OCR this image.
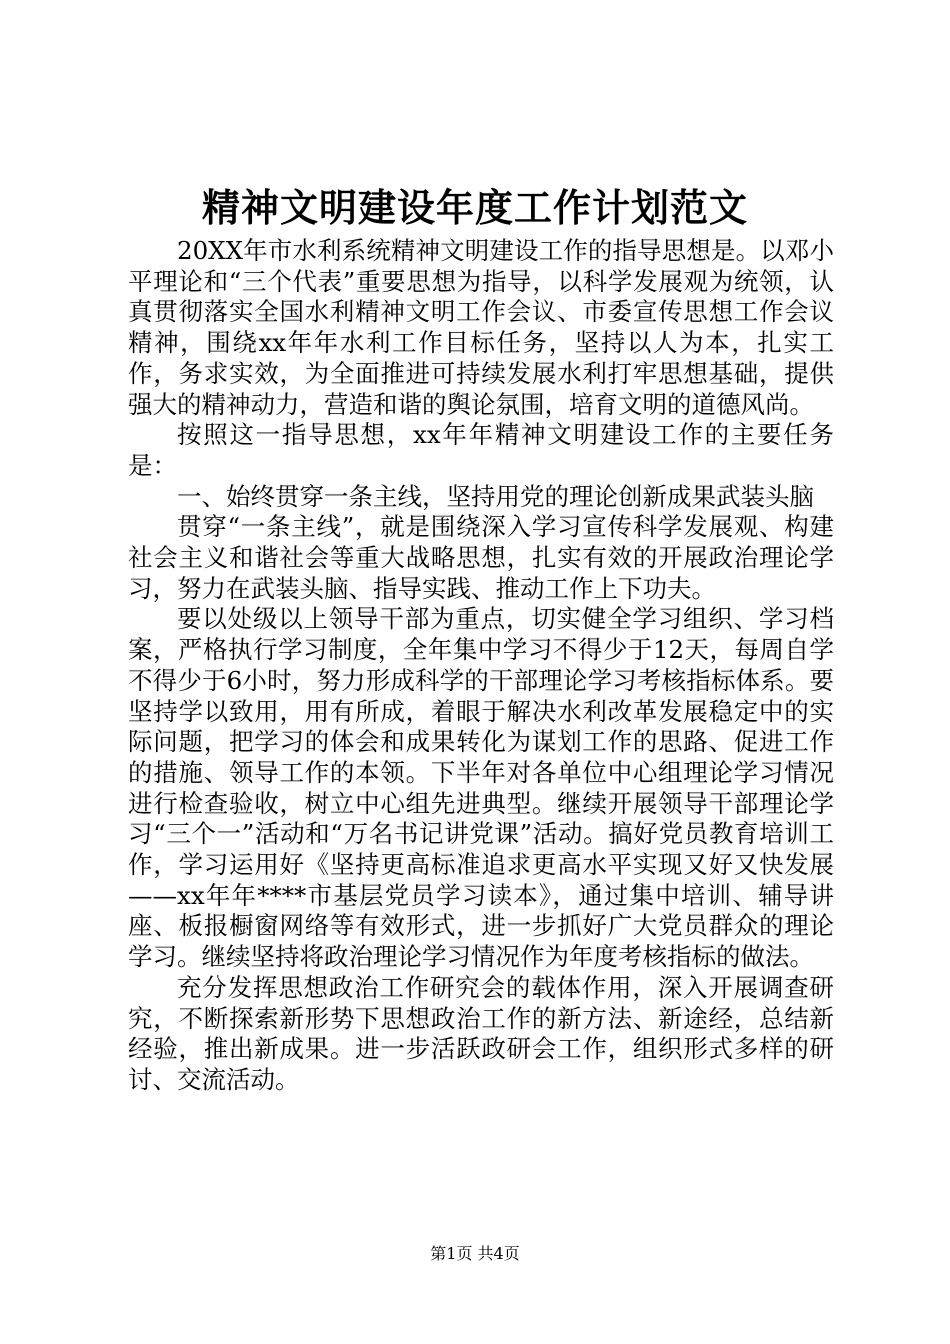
精神文明建设年度工作计划范文

20XX年市水利系统精神文明建设工作的指导思想是。以邓小平理论和“三个代表”重要思想为指导，以科学发展观为统领，认真贯彻落实全国水利精神文明工作会议、市委宣传思想工作会议精神，围绕xx年年水利工作目标任务，坚持以人为本，扎实工作，务求实效，为全面推进可持续发展水利打牢思想基础，提供强大的精神动力，营造和谐的舆论氛围，培育文明的道德风尚。

按照这一指导思想，xx年年精神文明建设工作的主要任务是：

一、始终贯穿一条主线，坚持用党的理论创新成果武装头脑

贯穿“一条主线”，就是围绕深入学习宣传科学发展观、构建社会主义和谐社会等重大战略思想，扎实有效的开展政治理论学习，努力在武装头脑、指导实践、推动工作上下功夫。

要以处级以上领导干部为重点，切实健全学习组织、学习档案，严格执行学习制度，全年集中学习不得少于12天，每周自学不得少于6小时，努力形成科学的干部理论学习考核指标体系。要坚持学以致用，用有所成，着眼于解决水利改革发展稳定中的实际问题，把学习的体会和成果转化为谋划工作的思路、促进工作的措施、领导工作的本领。下半年对各单位中心组理论学习情况进行检查验收，树立中心组先进典型。继续开展领导干部理论学习“三个一”活动和“万名书记讲党课”活动。搞好党员教育培训工作，学习运用好《坚持更高标准追求更高水平实现又好又快发展——xx年年****市基层党员学习读本》，通过集中培训、辅导讲座、板报橱窗网络等有效形式，进一步抓好广大党员群众的理论学习。继续坚持将政治理论学习情况作为年度考核指标的做法。

充分发挥思想政治工作研究会的载体作用，深入开展调查研究，不断探索新形势下思想政治工作的新方法、新途经，总结新经验，推出新成果。进一步活跃政研会工作，组织形式多样的研讨、交流活动。

第1页 共4页
